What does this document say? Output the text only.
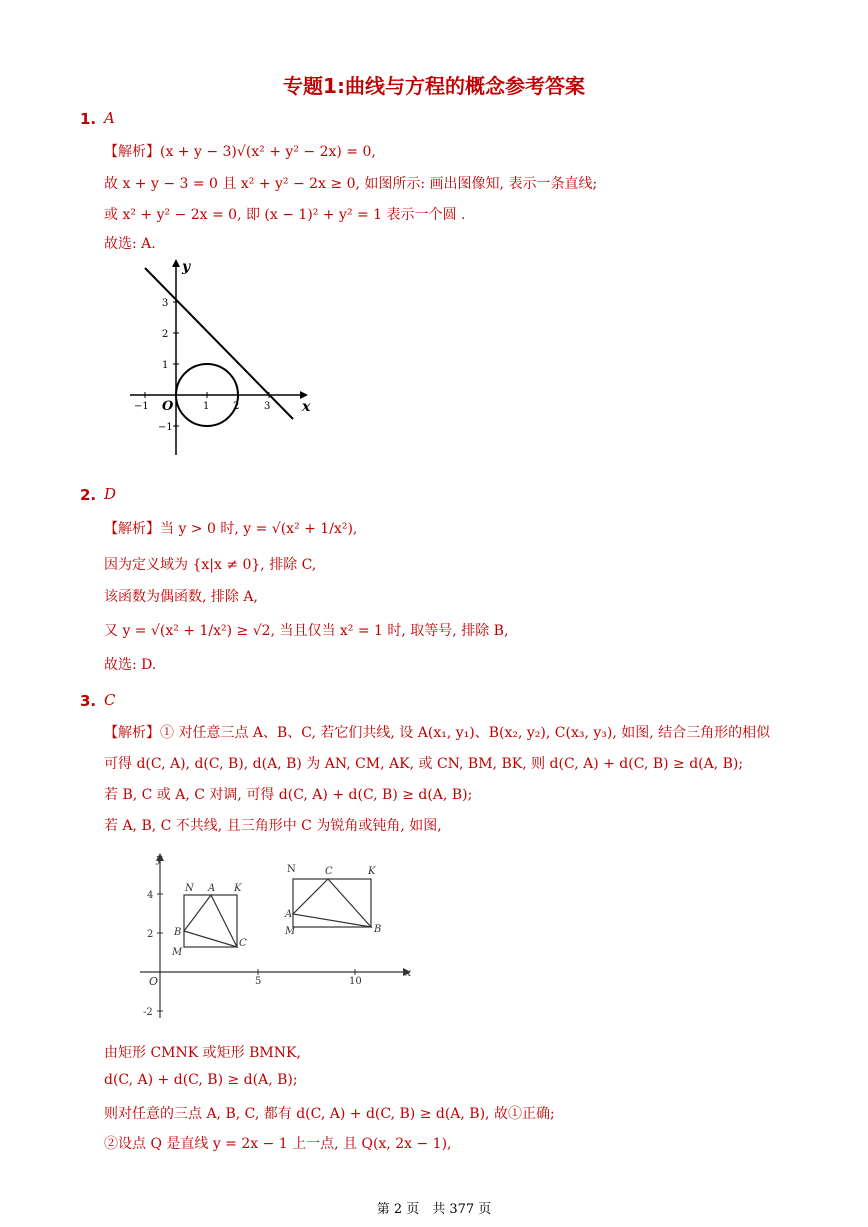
专题1:曲线与方程的概念参考答案
1. A
【解析】(x + y − 3)√(x² + y² − 2x) = 0,
故 x + y − 3 = 0 且 x² + y² − 2x ≥ 0, 如图所示: 画出图像知, 表示一条直线;
或 x² + y² − 2x = 0, 即 (x − 1)² + y² = 1 表示一个圆 .
故选: A.
y
x
O
−1	1 2 3
3
2
1
−1
2. D
【解析】当 y > 0 时, y = √(x² + 1/x²),
因为定义域为 {x|x ≠ 0}, 排除 C,
该函数为偶函数, 排除 A,
又 y = √(x² + 1/x²) ≥ √2, 当且仅当 x² = 1 时, 取等号, 排除 B,
故选: D.
3. C
【解析】① 对任意三点 A、B、C, 若它们共线, 设 A(x₁, y₁)、B(x₂, y₂), C(x₃, y₃), 如图, 结合三角形的相似
可得 d(C, A), d(C, B), d(A, B) 为 AN, CM, AK, 或 CN, BM, BK, 则 d(C, A) + d(C, B) ≥ d(A, B);
若 B, C 或 A, C 对调, 可得 d(C, A) + d(C, B) ≥ d(A, B);
若 A, B, C 不共线, 且三角形中 C 为锐角或钝角, 如图,
y
x
O
4
2
-2
5	10
N A K
B
M
C
N	C	K
A
M	B
由矩形 CMNK 或矩形 BMNK,
d(C, A) + d(C, B) ≥ d(A, B);
则对任意的三点 A, B, C, 都有 d(C, A) + d(C, B) ≥ d(A, B), 故①正确;
②设点 Q 是直线 y = 2x − 1 上一点, 且 Q(x, 2x − 1),
第 2 页　共 377 页
